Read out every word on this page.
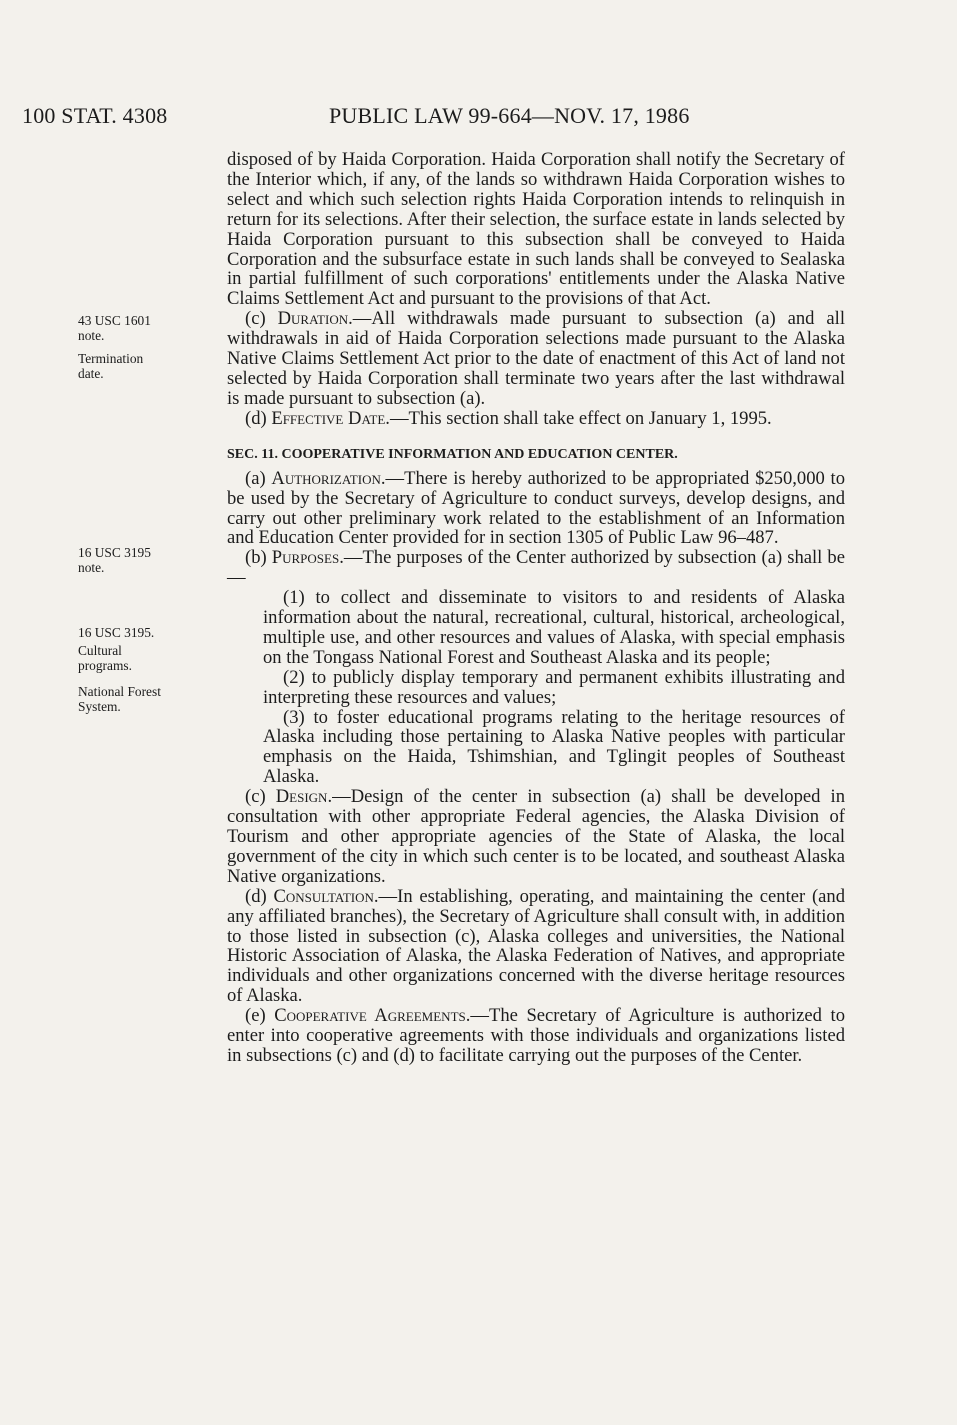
100 STAT. 4308	PUBLIC LAW 99-664—NOV. 17, 1986
43 USC 1601
note.
Termination
date.
16 USC 3195
note.
16 USC 3195.
Cultural
programs.
National Forest
System.

disposed of by Haida Corporation. Haida Corporation shall notify the Secretary of the Interior which, if any, of the lands so withdrawn Haida Corporation wishes to select and which such selection rights Haida Corporation intends to relinquish in return for its selections. After their selection, the surface estate in lands selected by Haida Corporation pursuant to this subsection shall be conveyed to Haida Corporation and the subsurface estate in such lands shall be conveyed to Sealaska in partial fulfillment of such corporations' entitlements under the Alaska Native Claims Settlement Act and pursuant to the provisions of that Act.

(c) Duration.—All withdrawals made pursuant to subsection (a) and all withdrawals in aid of Haida Corporation selections made pursuant to the Alaska Native Claims Settlement Act prior to the date of enactment of this Act of land not selected by Haida Corporation shall terminate two years after the last withdrawal is made pursuant to subsection (a).

(d) Effective Date.—This section shall take effect on January 1, 1995.

SEC. 11. COOPERATIVE INFORMATION AND EDUCATION CENTER.

(a) Authorization.—There is hereby authorized to be appropriated $250,000 to be used by the Secretary of Agriculture to conduct surveys, develop designs, and carry out other preliminary work related to the establishment of an Information and Education Center provided for in section 1305 of Public Law 96–487.

(b) Purposes.—The purposes of the Center authorized by subsection (a) shall be—

(1) to collect and disseminate to visitors to and residents of Alaska information about the natural, recreational, cultural, historical, archeological, multiple use, and other resources and values of Alaska, with special emphasis on the Tongass National Forest and Southeast Alaska and its people;

(2) to publicly display temporary and permanent exhibits illustrating and interpreting these resources and values;

(3) to foster educational programs relating to the heritage resources of Alaska including those pertaining to Alaska Native peoples with particular emphasis on the Haida, Tshimshian, and Tglingit peoples of Southeast Alaska.

(c) Design.—Design of the center in subsection (a) shall be developed in consultation with other appropriate Federal agencies, the Alaska Division of Tourism and other appropriate agencies of the State of Alaska, the local government of the city in which such center is to be located, and southeast Alaska Native organizations.

(d) Consultation.—In establishing, operating, and maintaining the center (and any affiliated branches), the Secretary of Agriculture shall consult with, in addition to those listed in subsection (c), Alaska colleges and universities, the National Historic Association of Alaska, the Alaska Federation of Natives, and appropriate individuals and other organizations concerned with the diverse heritage resources of Alaska.

(e) Cooperative Agreements.—The Secretary of Agriculture is authorized to enter into cooperative agreements with those individuals and organizations listed in subsections (c) and (d) to facilitate carrying out the purposes of the Center.
